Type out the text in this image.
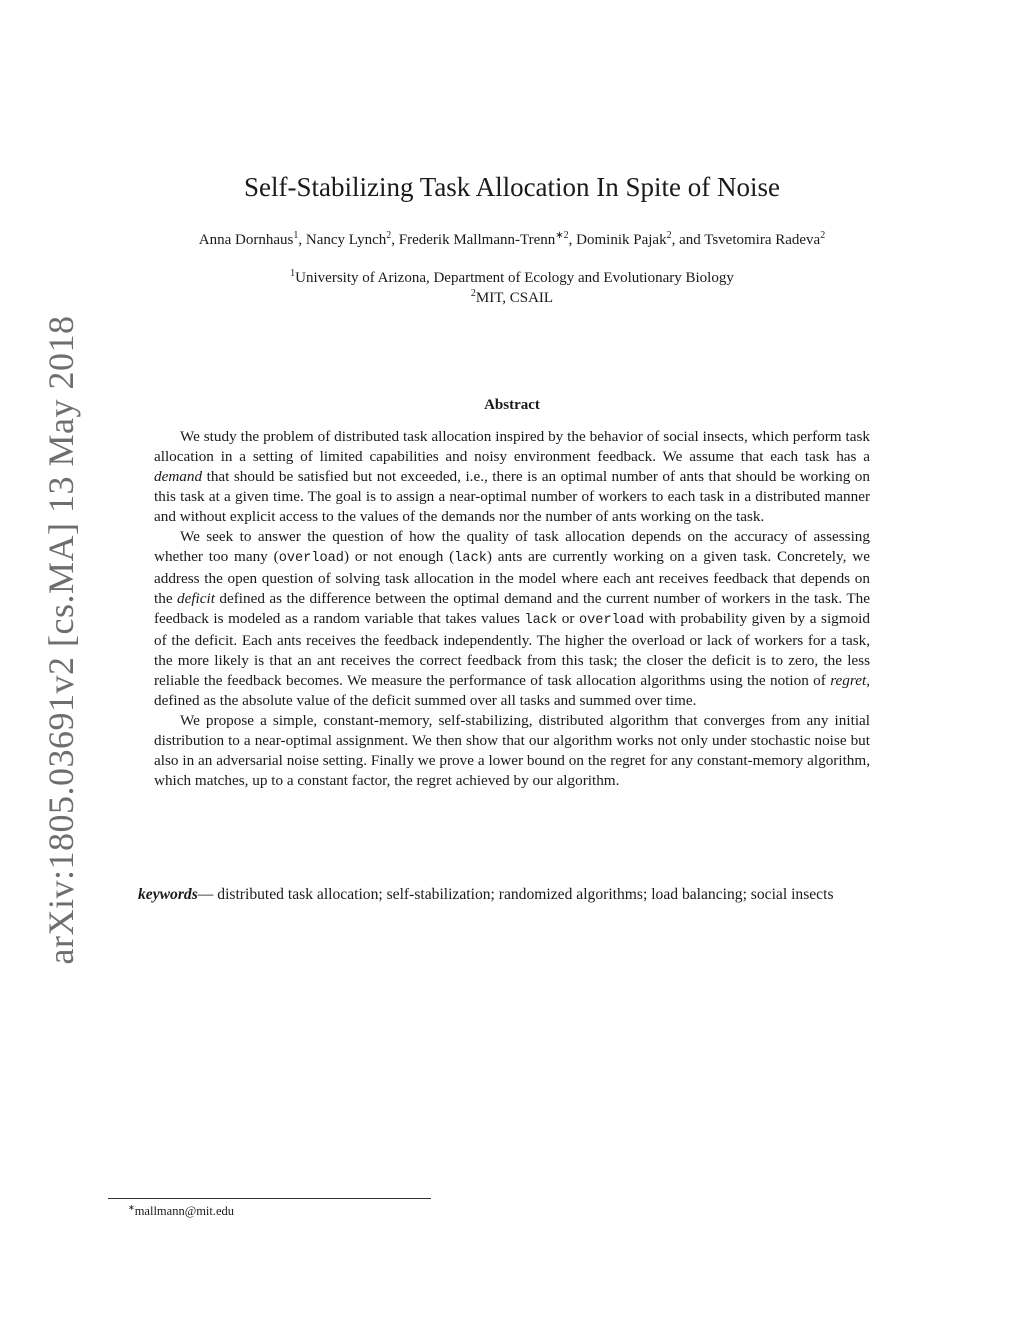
arXiv:1805.03691v2 [cs.MA] 13 May 2018
Self-Stabilizing Task Allocation In Spite of Noise
Anna Dornhaus$^1$, Nancy Lynch$^2$, Frederik Mallmann-Trenn$^{∗2}$, Dominik Pajak$^2$, and Tsvetomira Radeva$^2$
$^1$University of Arizona, Department of Ecology and Evolutionary Biology
$^2$MIT, CSAIL
Abstract

We study the problem of distributed task allocation inspired by the behavior of social insects, which perform task allocation in a setting of limited capabilities and noisy environment feedback. We assume that each task has a demand that should be satisfied but not exceeded, i.e., there is an optimal number of ants that should be working on this task at a given time. The goal is to assign a near-optimal number of workers to each task in a distributed manner and without explicit access to the values of the demands nor the number of ants working on the task.

We seek to answer the question of how the quality of task allocation depends on the accuracy of assessing whether too many (overload) or not enough (lack) ants are currently working on a given task. Concretely, we address the open question of solving task allocation in the model where each ant receives feedback that depends on the deficit defined as the difference between the optimal demand and the current number of workers in the task. The feedback is modeled as a random variable that takes values lack or overload with probability given by a sigmoid of the deficit. Each ants receives the feedback independently. The higher the overload or lack of workers for a task, the more likely is that an ant receives the correct feedback from this task; the closer the deficit is to zero, the less reliable the feedback becomes. We measure the performance of task allocation algorithms using the notion of regret, defined as the absolute value of the deficit summed over all tasks and summed over time.

We propose a simple, constant-memory, self-stabilizing, distributed algorithm that converges from any initial distribution to a near-optimal assignment. We then show that our algorithm works not only under stochastic noise but also in an adversarial noise setting. Finally we prove a lower bound on the regret for any constant-memory algorithm, which matches, up to a constant factor, the regret achieved by our algorithm.

keywords— distributed task allocation; self-stabilization; randomized algorithms; load balancing; social insects
∗mallmann@mit.edu
